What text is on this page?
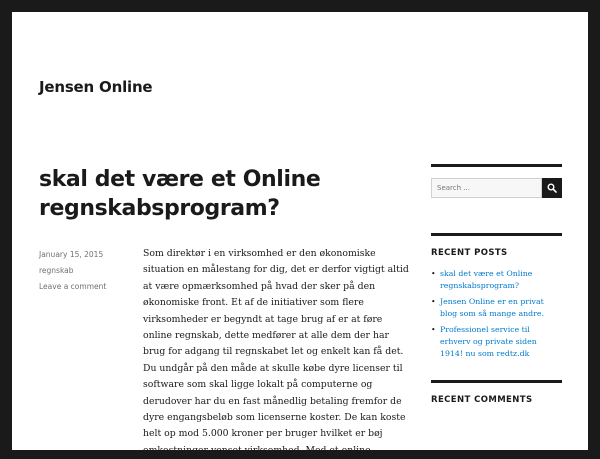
Jensen Online
skal det være et Online regnskabsprogram?
January 15, 2015
regnskab
Leave a comment

Som direktør i en virksomhed er den økonomiske situation en målestang for dig, det er derfor vigtigt altid at være opmærksomhed på hvad der sker på den økonomiske front. Et af de initiativer som flere virksomheder er begyndt at tage brug af er at føre online regnskab, dette medfører at alle dem der har brug for adgang til regnskabet let og enkelt kan få det. Du undgår på den måde at skulle købe dyre licenser til software som skal ligge lokalt på computerne og derudover har du en fast månedlig betaling fremfor de dyre engangsbeløb som licenserne koster. De kan koste helt op mod 5.000 kroner per bruger hvilket er bøj omkostninger venset virksomhed. Med et online

Search ...
RECENT POSTS
• skal det være et Online regnskabsprogram?
• Jensen Online er en privat blog som så mange andre.
• Professionel service til erhverv og private siden 1914! nu som redtz.dk
RECENT COMMENTS
